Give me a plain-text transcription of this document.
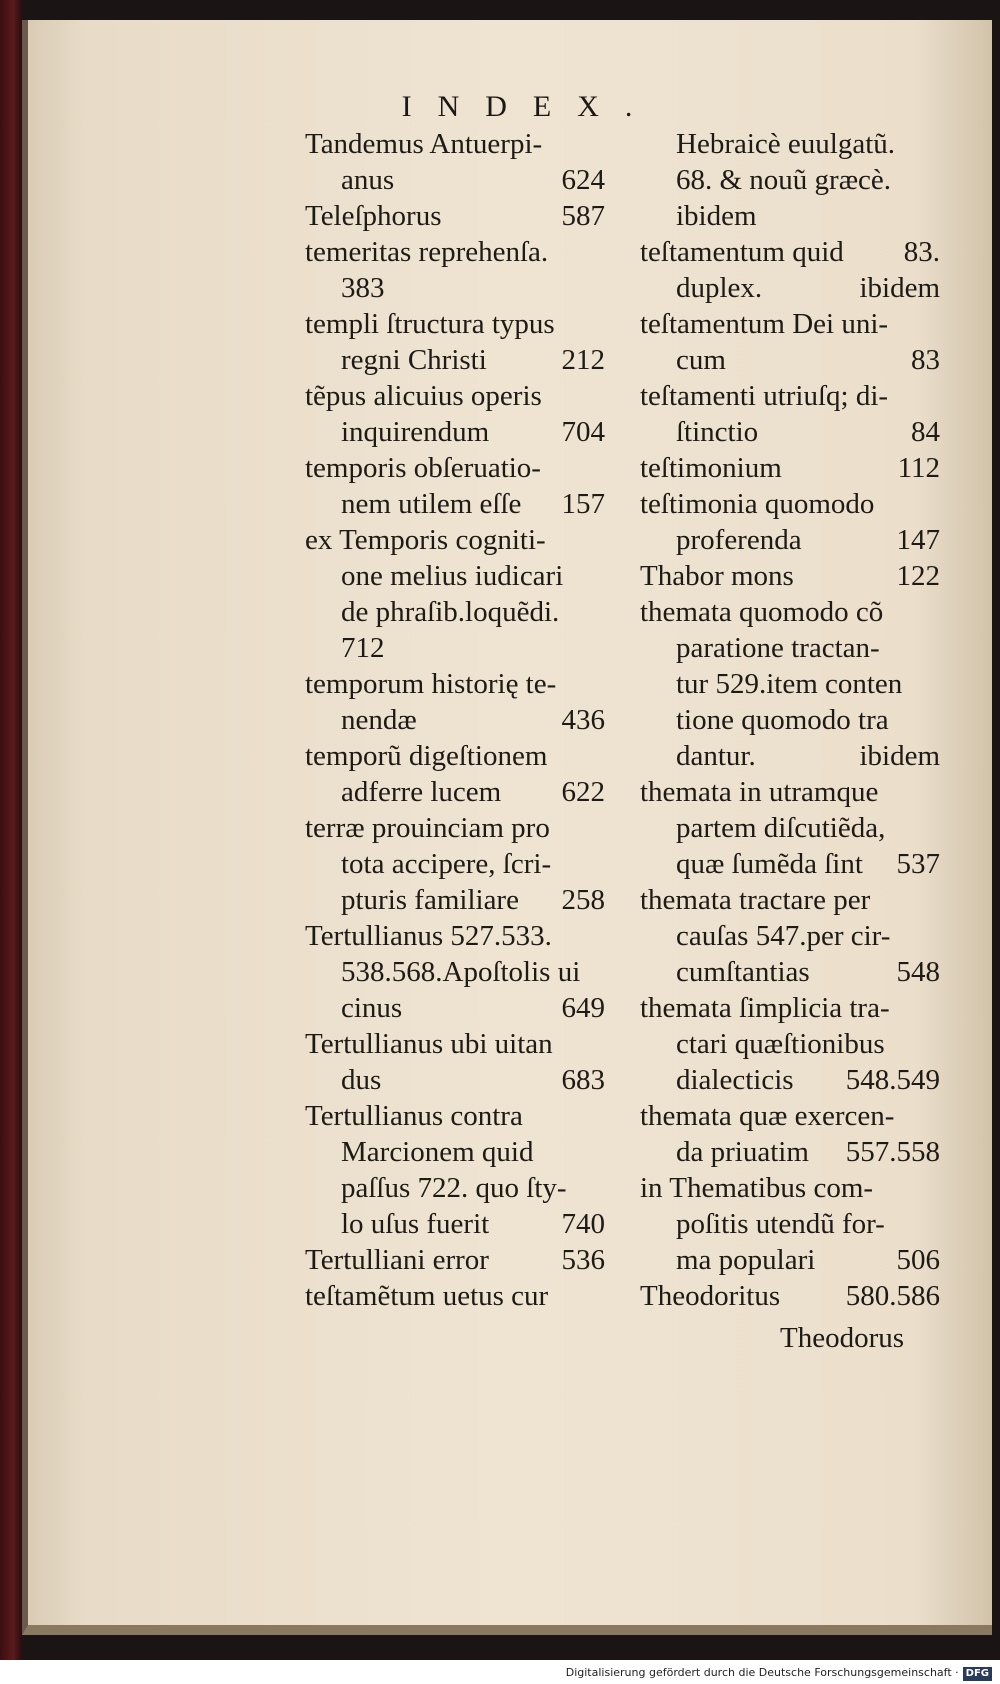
INDEX.
Tandemus Antuerpi-
anus	624
Teleſphorus	587
temeritas reprehenſa.
383
templi ſtructura typus
regni Christi	212
tẽpus alicuius operis
inquirendum 704
temporis obſeruatio-
nem utilem eſſe 157
ex Temporis cogniti-
one melius iudicari
de phraſib.loquẽdi.
712
temporum historię te-
nendæ	436
temporũ digeſtionem
adferre lucem 622
terræ prouinciam pro
tota accipere, ſcri-
pturis familiare 258
Tertullianus 527.533.
538.568.Apoſtolis ui
cinus	649
Tertullianus ubi uitan
dus	683
Tertullianus contra
Marcionem quid
paſſus 722. quo ſty-
lo uſus fuerit 740
Tertulliani error	536
teſtamẽtum uetus cur
Hebraicè euulgatũ.
68. & nouũ græcè.
ibidem
teſtamentum quid 83.
duplex.	ibidem
teſtamentum Dei uni-
cum	83
teſtamenti utriuſq; di-
ſtinctio	84
teſtimonium	112
teſtimonia quomodo
proferenda	147
Thabor mons	122
themata quomodo cõ
paratione tractan-
tur 529.item conten
tione quomodo tra
dantur.	ibidem
themata in utramque
partem diſcutiẽda,
quæ ſumẽda ſint 537
themata tractare per
cauſas 547.per cir-
cumſtantias	548
themata ſimplicia tra-
ctari quæſtionibus
dialecticis 548.549
themata quæ exercen-
da priuatim 557.558
in Thematibus com-
poſitis utendũ for-
ma populari	506
Theodoritus 580.586
Theodorus
Digitalisierung gefördert durch die Deutsche Forschungsgemeinschaft · DFG
